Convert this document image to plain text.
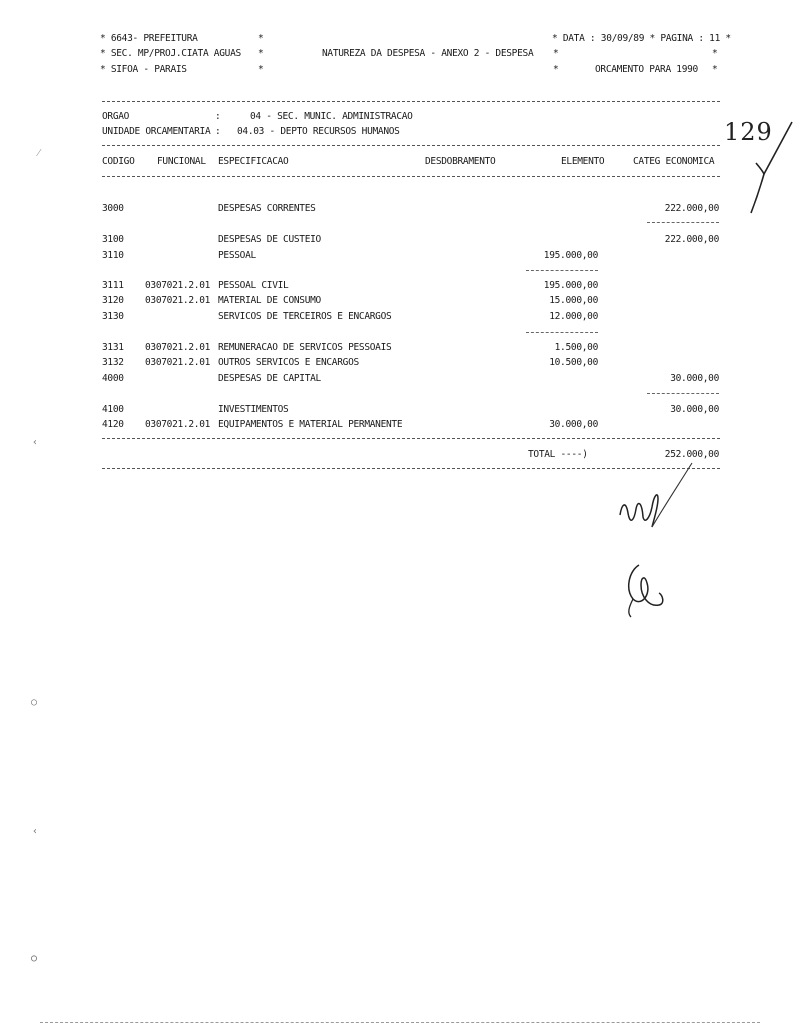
* 6643- PREFEITURA
* SEC. MP/PROJ.CIATA AGUAS
* SIFOA - PARAIS
*
*
*
NATUREZA DA DESPESA - ANEXO 2 - DESPESA
* DATA : 30/09/89 * PAGINA : 11 *
*	*
*	ORCAMENTO PARA 1990 *
ORGAO	:	04 - SEC. MUNIC. ADMINISTRACAO
UNIDADE ORCAMENTARIA : 04.03 - DEPTO RECURSOS HUMANOS
CODIGO FUNCIONAL ESPECIFICACAO	DESDOBRAMENTO	ELEMENTO	CATEG ECONOMICA
3000	DESPESAS CORRENTES	222.000,00
3100	DESPESAS DE CUSTEIO	222.000,00
3110	PESSOAL	195.000,00
3111 0307021.2.01 PESSOAL CIVIL	195.000,00
3120 0307021.2.01 MATERIAL DE CONSUMO	15.000,00
3130	SERVICOS DE TERCEIROS E ENCARGOS	12.000,00
3131 0307021.2.01 REMUNERACAO DE SERVICOS PESSOAIS	1.500,00
3132 0307021.2.01 OUTROS SERVICOS E ENCARGOS	10.500,00
4000	DESPESAS DE CAPITAL	30.000,00
4100	INVESTIMENTOS	30.000,00
4120 0307021.2.01 EQUIPAMENTOS E MATERIAL PERMANENTE	30.000,00
TOTAL ----)	252.000,00
129
⁄
‹
○
‹
○
